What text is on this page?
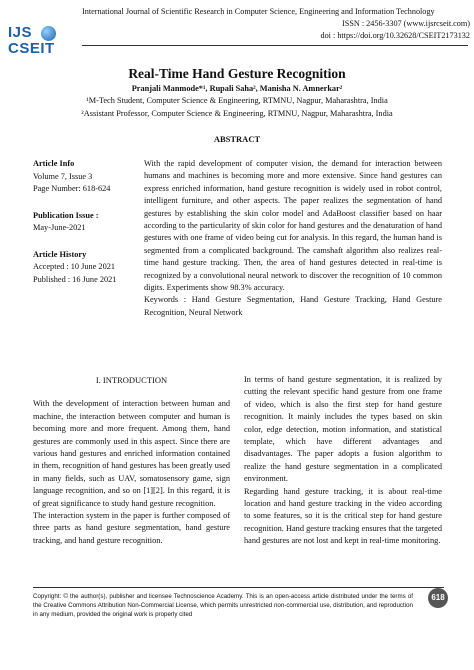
IJS
CSEIT
International Journal of Scientific Research in Computer Science, Engineering and Information Technology
ISSN : 2456-3307 (www.ijsrcseit.com)
doi : https://doi.org/10.32628/CSEIT2173132
Real-Time Hand Gesture Recognition
Pranjali Manmode*¹, Rupali Saha², Manisha N. Amnerkar²
¹M-Tech Student, Computer Science & Engineering, RTMNU, Nagpur, Maharashtra, India
²Assistant Professor, Computer Science & Engineering, RTMNU, Nagpur, Maharashtra, India
ABSTRACT
Article Info
Volume 7, Issue 3
Page Number: 618-624
Publication Issue :
May-June-2021
Article History
Accepted : 10 June 2021
Published : 16 June 2021

With the rapid development of computer vision, the demand for interaction between humans and machines is becoming more and more extensive. Since hand gestures can express enriched information, hand gesture recognition is widely used in robot control, intelligent furniture, and other aspects. The paper realizes the segmentation of hand gestures by establishing the skin color model and AdaBoost classifier based on haar according to the particularity of skin color for hand gestures and the denaturation of hand gestures with one frame of video being cut for analysis. In this regard, the human hand is segmented from a complicated background. The camshaft algorithm also realizes real-time hand gesture tracking. Then, the area of hand gestures detected in real-time is recognized by a convolutional neural network to discover the recognition of 10 common digits. Experiments show 98.3% accuracy.

Keywords : Hand Gesture Segmentation, Hand Gesture Tracking, Hand Gesture Recognition, Neural Network

I. INTRODUCTION

With the development of interaction between human and machine, the interaction between computer and human is becoming more and more frequent. Among them, hand gestures are commonly used in this aspect. Since there are various hand gestures and enriched information contained in them, recognition of hand gestures has been greatly used in many fields, such as UAV, somatosensory game, sign language recognition, and so on [1][2]. In this regard, it is of great significance to study hand gesture recognition.

The interaction system in the paper is further composed of three parts as hand gesture segmentation, hand gesture tracking, and hand gesture recognition.

In terms of hand gesture segmentation, it is realized by cutting the relevant specific hand gesture from one frame of video, which is also the first step for hand gesture recognition. It mainly includes the types based on skin color, edge detection, motion information, and statistical template, which have different advantages and disadvantages. The paper adopts a fusion algorithm to realize the hand gesture segmentation in a complicated environment.

Regarding hand gesture tracking, it is about real-time location and hand gesture tracking in the video according to some features, so it is the critical step for hand gesture recognition. Hand gesture tracking ensures that the targeted hand gestures are not lost and kept in real-time monitoring.

Copyright: © the author(s), publisher and licensee Technoscience Academy. This is an open-access article distributed under the terms of the Creative Commons Attribution Non-Commercial License, which permits unrestricted non-commercial use, distribution, and reproduction in any medium, provided the original work is properly cited
618
